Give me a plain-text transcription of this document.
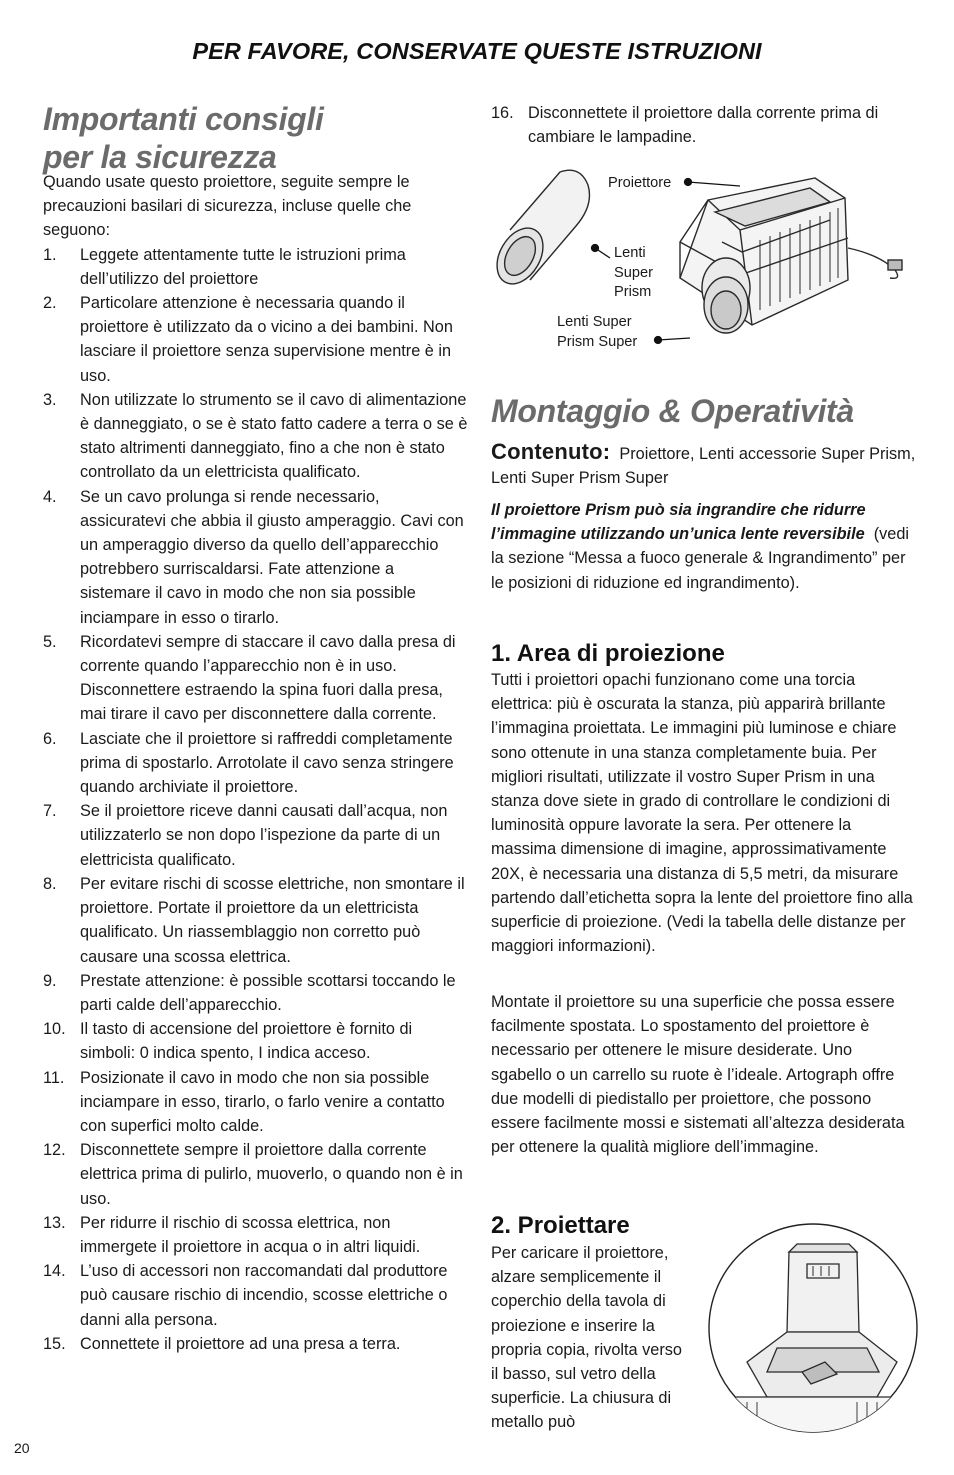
PER FAVORE, CONSERVATE QUESTE ISTRUZIONI
Importanti consigli
per la sicurezza

Quando usate questo proiettore, seguite sempre le precauzioni basilari di sicurezza, incluse quelle che seguono:

1. Leggete attentamente tutte le istruzioni prima dell’utilizzo del proiettore
2. Particolare attenzione è necessaria quando il proiettore è utilizzato da o vicino a dei bambini. Non lasciare il proiettore senza supervisione mentre è in uso.
3. Non utilizzate lo strumento se il cavo di alimentazione è danneggiato, o se è stato fatto cadere a terra o se è stato altrimenti danneggiato, fino a che non è stato controllato da un elettricista qualificato.
4. Se un cavo prolunga si rende necessario, assicuratevi che abbia il giusto amperaggio. Cavi con un amperaggio diverso da quello dell’apparecchio potrebbero surriscaldarsi. Fate attenzione a sistemare il cavo in modo che non sia possible inciampare in esso o tirarlo.
5. Ricordatevi sempre di staccare il cavo dalla presa di corrente quando l’apparecchio non è in uso. Disconnettere estraendo la spina fuori dalla presa, mai tirare il cavo per disconnettere dalla corrente.
6. Lasciate che il proiettore si raffreddi completamente prima di spostarlo. Arrotolate il cavo senza stringere quando archiviate il proiettore.
7. Se il proiettore riceve danni causati dall’acqua, non utilizzaterlo se non dopo l’ispezione da parte di un elettricista qualificato.
8. Per evitare rischi di scosse elettriche, non smontare il proiettore. Portate il proiettore da un elettricista qualificato. Un riassemblaggio non corretto può causare una scossa elettrica.
9. Prestate attenzione: è possible scottarsi toccando le parti calde dell’apparecchio.
10. Il tasto di accensione del proiettore è fornito di simboli: 0 indica spento, I indica acceso.
11. Posizionate il cavo in modo che non sia possible inciampare in esso, tirarlo, o farlo venire a contatto con superfici molto calde.
12. Disconnettete sempre il proiettore dalla corrente elettrica prima di pulirlo, muoverlo, o quando non è in uso.
13. Per ridurre il rischio di scossa elettrica, non immergete il proiettore in acqua o in altri liquidi.
14. L’uso di accessori non raccomandati dal produttore può causare rischio di incendio, scosse elettriche o danni alla persona.
15. Connettete il proiettore ad una presa a terra.
16. Disconnettete il proiettore dalla corrente prima di cambiare le lampadine.
Proiettore
Lenti
Super
Prism
Lenti Super
Prism Super
Montaggio & Operatività
Contenuto: Proiettore, Lenti accessorie Super Prism, Lenti Super Prism Super
Il proiettore Prism può sia ingrandire che ridurre l’immagine utilizzando un’unica lente reversibile (vedi la sezione “Messa a fuoco generale & Ingrandimento” per le posizioni di riduzione ed ingrandimento).
1. Area di proiezione

Tutti i proiettori opachi funzionano come una torcia elettrica: più è oscurata la stanza, più apparirà brillante l’immagina proiettata. Le immagini più luminose e chiare sono ottenute in una stanza completamente buia. Per migliori risultati, utilizzate il vostro Super Prism in una stanza dove siete in grado di controllare le condizioni di luminosità oppure lavorate la sera. Per ottenere la massima dimensione di imagine, approssimativamente 20X, è necessaria una distanza di 5,5 metri, da misurare partendo dall’etichetta sopra la lente del proiettore fino alla superficie di proiezione. (Vedi la tabella delle distanze per maggiori informazioni).

Montate il proiettore su una superficie che possa essere facilmente spostata. Lo spostamento del proiettore è necessario per ottenere le misure desiderate. Uno sgabello o un carrello su ruote è l’ideale. Artograph offre due modelli di piedistallo per proiettore, che possono essere facilmente mossi e sistemati all’altezza desiderata per ottenere la qualità migliore dell’immagine.

2. Proiettare

Per caricare il proiettore, alzare semplicemente il coperchio della tavola di proiezione e inserire la propria copia, rivolta verso il basso, sul vetro della superficie. La chiusura di metallo può

20
